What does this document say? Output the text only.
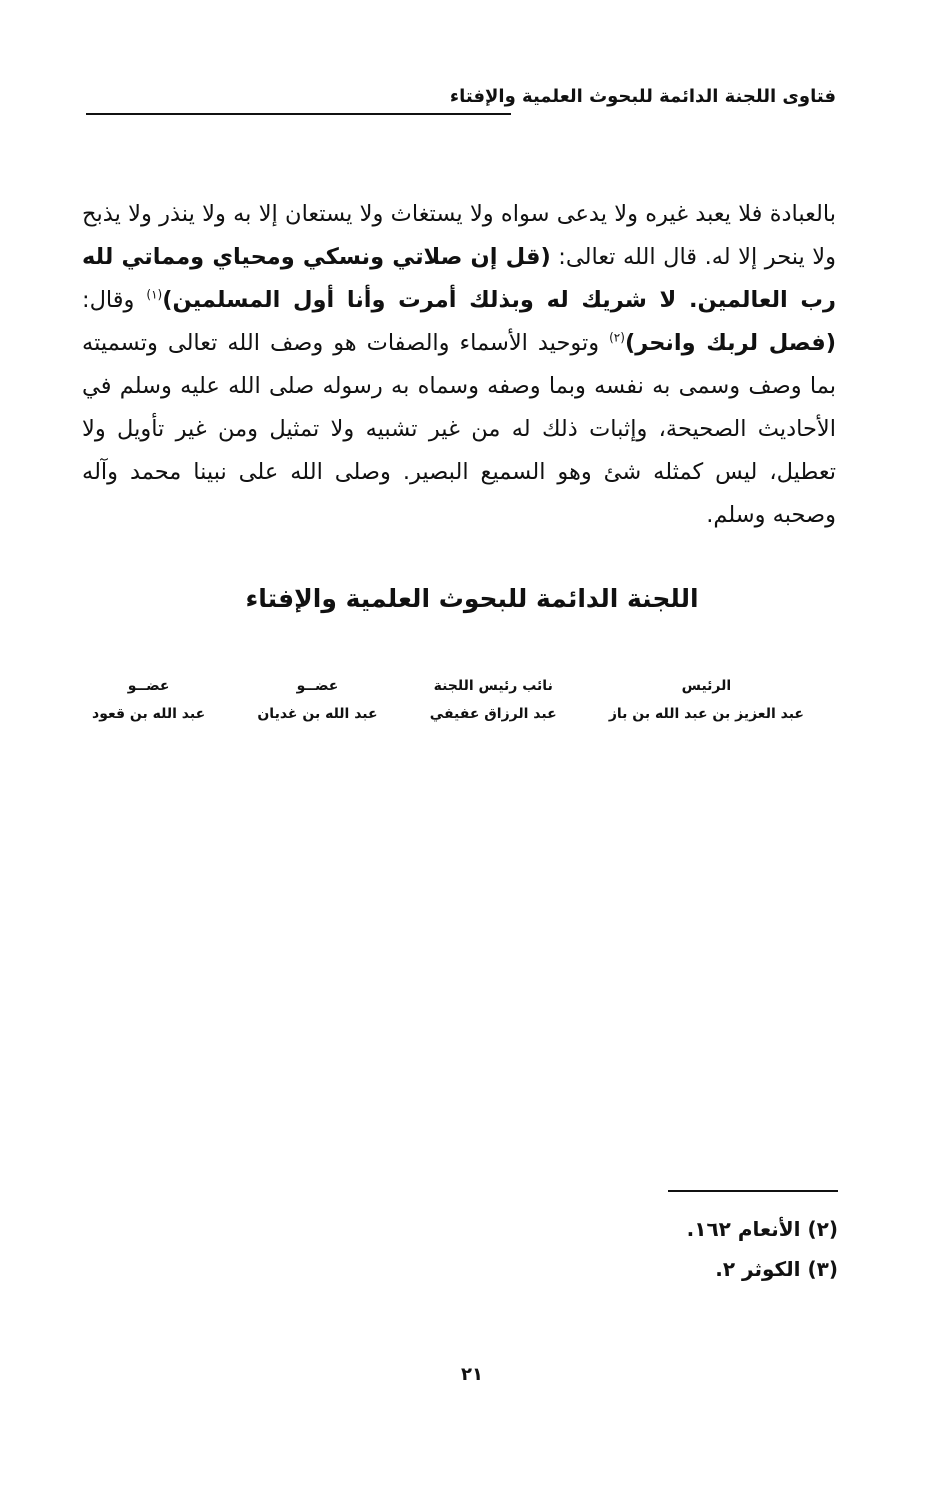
فتاوى اللجنة الدائمة للبحوث العلمية والإفتاء

بالعبادة فلا يعبد غيره ولا يدعى سواه ولا يستغاث ولا يستعان إلا به ولا ينذر ولا يذبح ولا ينحر إلا له. قال الله تعالى: (قل إن صلاتي ونسكي ومحياي ومماتي لله رب العالمين. لا شريك له وبذلك أمرت وأنا أول المسلمين)$^{(١)}$ وقال: (فصل لربك وانحر)$^{(٢)}$ وتوحيد الأسماء والصفات هو وصف الله تعالى وتسميته بما وصف وسمى به نفسه وبما وصفه وسماه به رسوله صلى الله عليه وسلم في الأحاديث الصحيحة، وإثبات ذلك له من غير تشبيه ولا تمثيل ومن غير تأويل ولا تعطيل، ليس كمثله شئ وهو السميع البصير. وصلى الله على نبينا محمد وآله وصحبه وسلم.

اللجنة الدائمة للبحوث العلمية والإفتاء
عضــو
عبد الله بن قعود
عضــو
عبد الله بن غديان
نائب رئيس اللجنة
عبد الرزاق عفيفي
الرئيس
عبد العزيز بن عبد الله بن باز
(٢) الأنعام ١٦٢.
(٣) الكوثر ٢.
٢١
